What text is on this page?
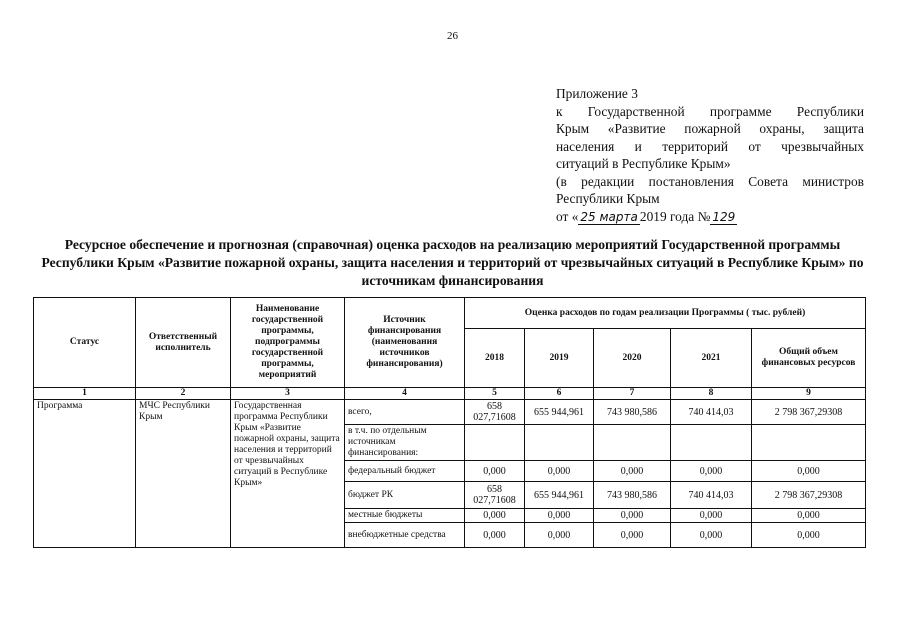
26
Приложение 3
к Государственной программе Республики
Крым «Развитие пожарной охраны, защита
населения и территорий от чрезвычайных
ситуаций в Республике Крым»
(в редакции постановления Совета министров
Республики Крым
от « 25 марта 2019 года № 129
Ресурсное обеспечение и прогнозная (справочная) оценка расходов на реализацию мероприятий Государственной программы Республики Крым «Развитие пожарной охраны, защита населения и территорий от чрезвычайных ситуаций в Республике Крым» по источникам финансирования
Статус	Ответственный исполнитель	Наименование государственной программы, подпрограммы государственной программы, мероприятий	Источник финансирования (наименования источников финансирования)	Оценка расходов по годам реализации Программы ( тыс. рублей)				
				2018	2019	2020	2021	Общий объем финансовых ресурсов
1	2	3	4	5	6	7	8	9
Программа	МЧС Республики Крым	Государственная программа Республики Крым «Развитие пожарной охраны, защита населения и территорий от чрезвычайных ситуаций в Республике Крым»	всего,	658 027,71608	655 944,961	743 980,586	740 414,03	2 798 367,29308
			в т.ч. по отдельным источникам финансирования:					
			федеральный бюджет	0,000	0,000	0,000	0,000	0,000
			бюджет РК	658 027,71608	655 944,961	743 980,586	740 414,03	2 798 367,29308
			местные бюджеты	0,000	0,000	0,000	0,000	0,000
			внебюджетные средства	0,000	0,000	0,000	0,000	0,000
